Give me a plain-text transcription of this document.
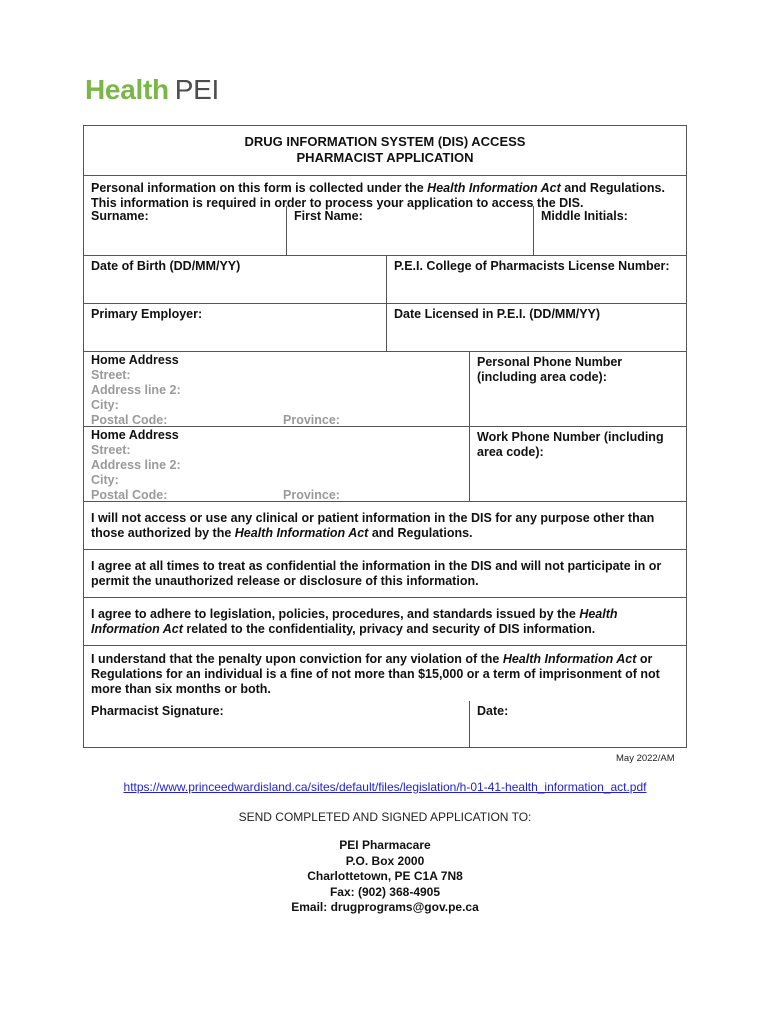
Health PEI
DRUG INFORMATION SYSTEM (DIS) ACCESS
PHARMACIST APPLICATION
Personal information on this form is collected under the Health Information Act and Regulations. This information is required in order to process your application to access the DIS.
Surname:	First Name:	Middle Initials:
Date of Birth (DD/MM/YY)	P.E.I. College of Pharmacists License Number:
Primary Employer:	Date Licensed in P.E.I. (DD/MM/YY)
Home Address
Street:
Address line 2:
City:
Postal Code:	Province:
Personal Phone Number (including area code):
Home Address
Street:
Address line 2:
City:
Postal Code:	Province:
Work Phone Number (including area code):
I will not access or use any clinical or patient information in the DIS for any purpose other than those authorized by the Health Information Act and Regulations.
I agree at all times to treat as confidential the information in the DIS and will not participate in or permit the unauthorized release or disclosure of this information.
I agree to adhere to legislation, policies, procedures, and standards issued by the Health Information Act related to the confidentiality, privacy and security of DIS information.
I understand that the penalty upon conviction for any violation of the Health Information Act or Regulations for an individual is a fine of not more than $15,000 or a term of imprisonment of not more than six months or both.
Pharmacist Signature:	Date:
May 2022/AM
https://www.princeedwardisland.ca/sites/default/files/legislation/h-01-41-health_information_act.pdf
SEND COMPLETED AND SIGNED APPLICATION TO:
PEI Pharmacare
P.O. Box 2000
Charlottetown, PE C1A 7N8
Fax: (902) 368-4905
Email: drugprograms@gov.pe.ca
